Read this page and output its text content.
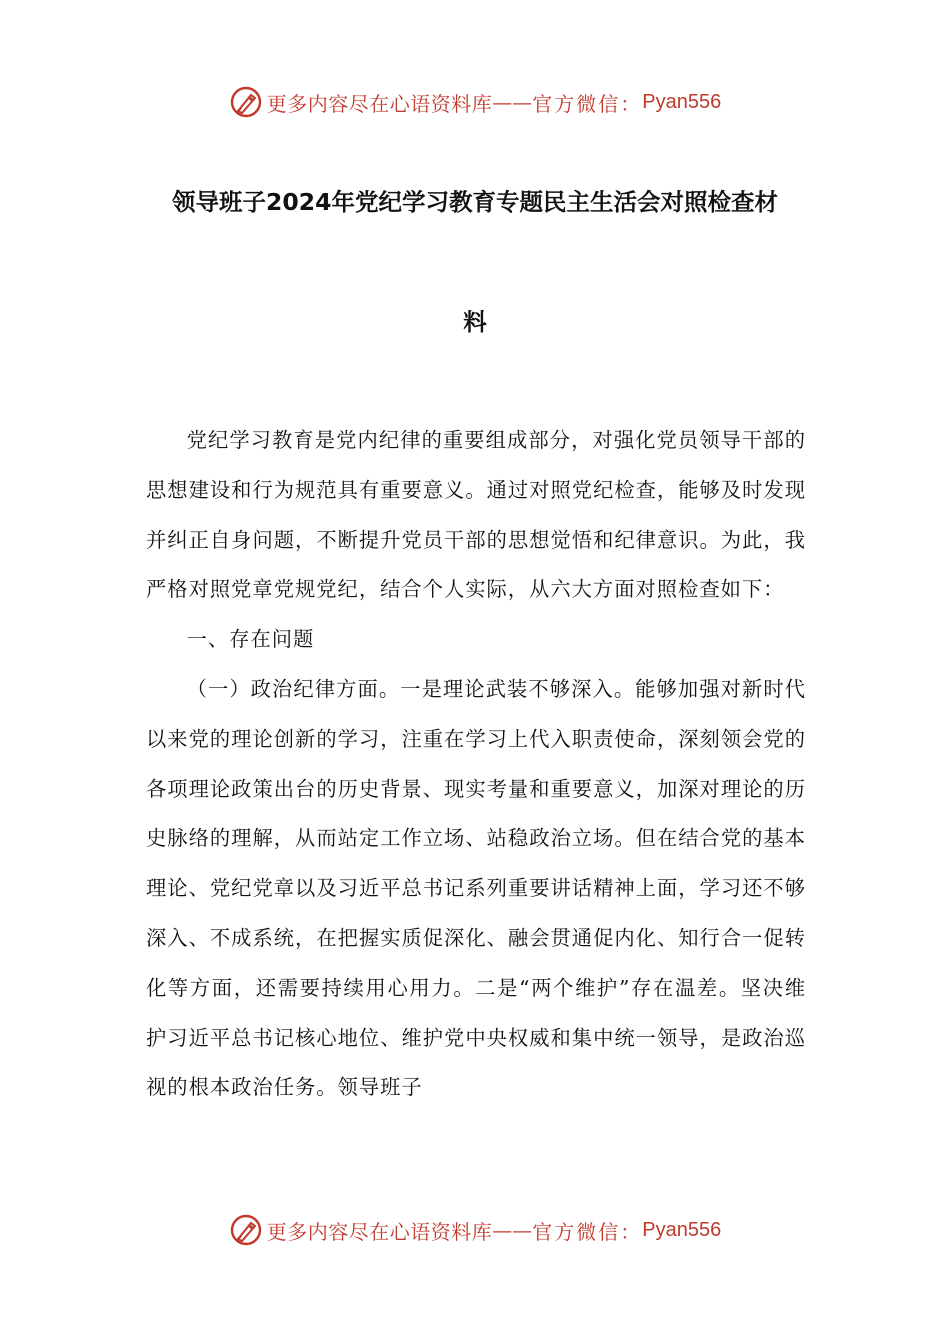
更多内容尽在心语资料库 —— 官方微信： Pyan556
领导班子2024年党纪学习教育专题民主生活会对照检查材
料

党纪学习教育是党内纪律的重要组成部分，对强化党员领导干部的思想建设和行为规范具有重要意义。通过对照党纪检查，能够及时发现并纠正自身问题，不断提升党员干部的思想觉悟和纪律意识。为此，我严格对照党章党规党纪，结合个人实际，从六大方面对照检查如下：

一、存在问题

（一）政治纪律方面。一是理论武装不够深入。能够加强对新时代以来党的理论创新的学习，注重在学习上代入职责使命，深刻领会党的各项理论政策出台的历史背景、现实考量和重要意义，加深对理论的历史脉络的理解，从而站定工作立场、站稳政治立场。但在结合党的基本理论、党纪党章以及习近平总书记系列重要讲话精神上面，学习还不够深入、不成系统，在把握实质促深化、融会贯通促内化、知行合一促转化等方面，还需要持续用心用力。二是“两个维护”存在温差。坚决维护习近平总书记核心地位、维护党中央权威和集中统一领导，是政治巡视的根本政治任务。领导班子

更多内容尽在心语资料库 —— 官方微信： Pyan556
